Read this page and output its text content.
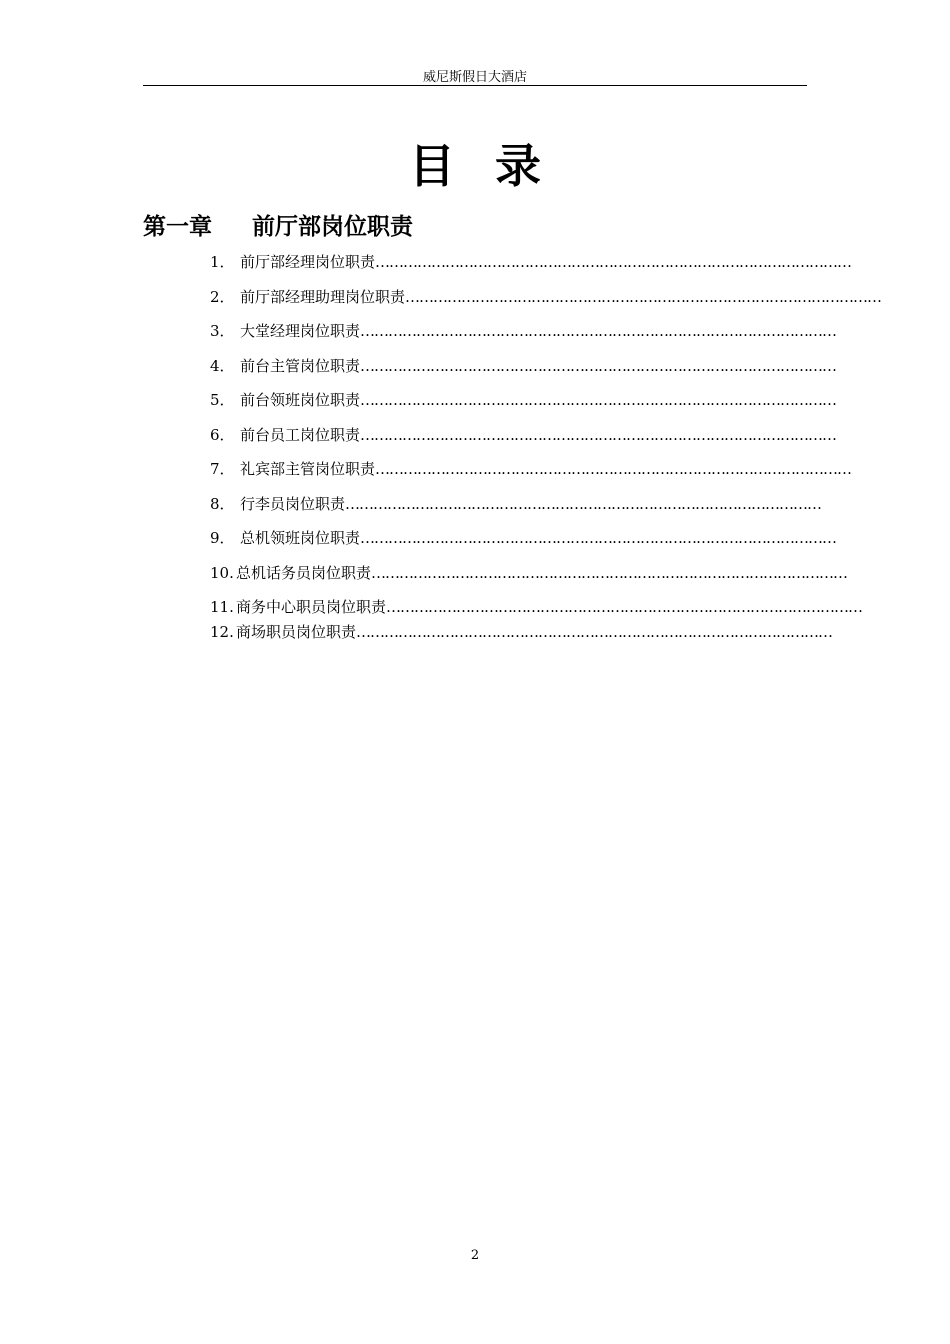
威尼斯假日大酒店
目录
第一章 前厅部岗位职责
1． 前厅部经理岗位职责…………………………………………………………………………………………
2． 前厅部经理助理岗位职责…………………………………………………………………………………………
3． 大堂经理岗位职责…………………………………………………………………………………………
4． 前台主管岗位职责…………………………………………………………………………………………
5． 前台领班岗位职责…………………………………………………………………………………………
6． 前台员工岗位职责…………………………………………………………………………………………
7． 礼宾部主管岗位职责…………………………………………………………………………………………
8． 行李员岗位职责…………………………………………………………………………………………
9． 总机领班岗位职责…………………………………………………………………………………………
10. 总机话务员岗位职责…………………………………………………………………………………………
11. 商务中心职员岗位职责…………………………………………………………………………………………
12. 商场职员岗位职责…………………………………………………………………………………………
2
